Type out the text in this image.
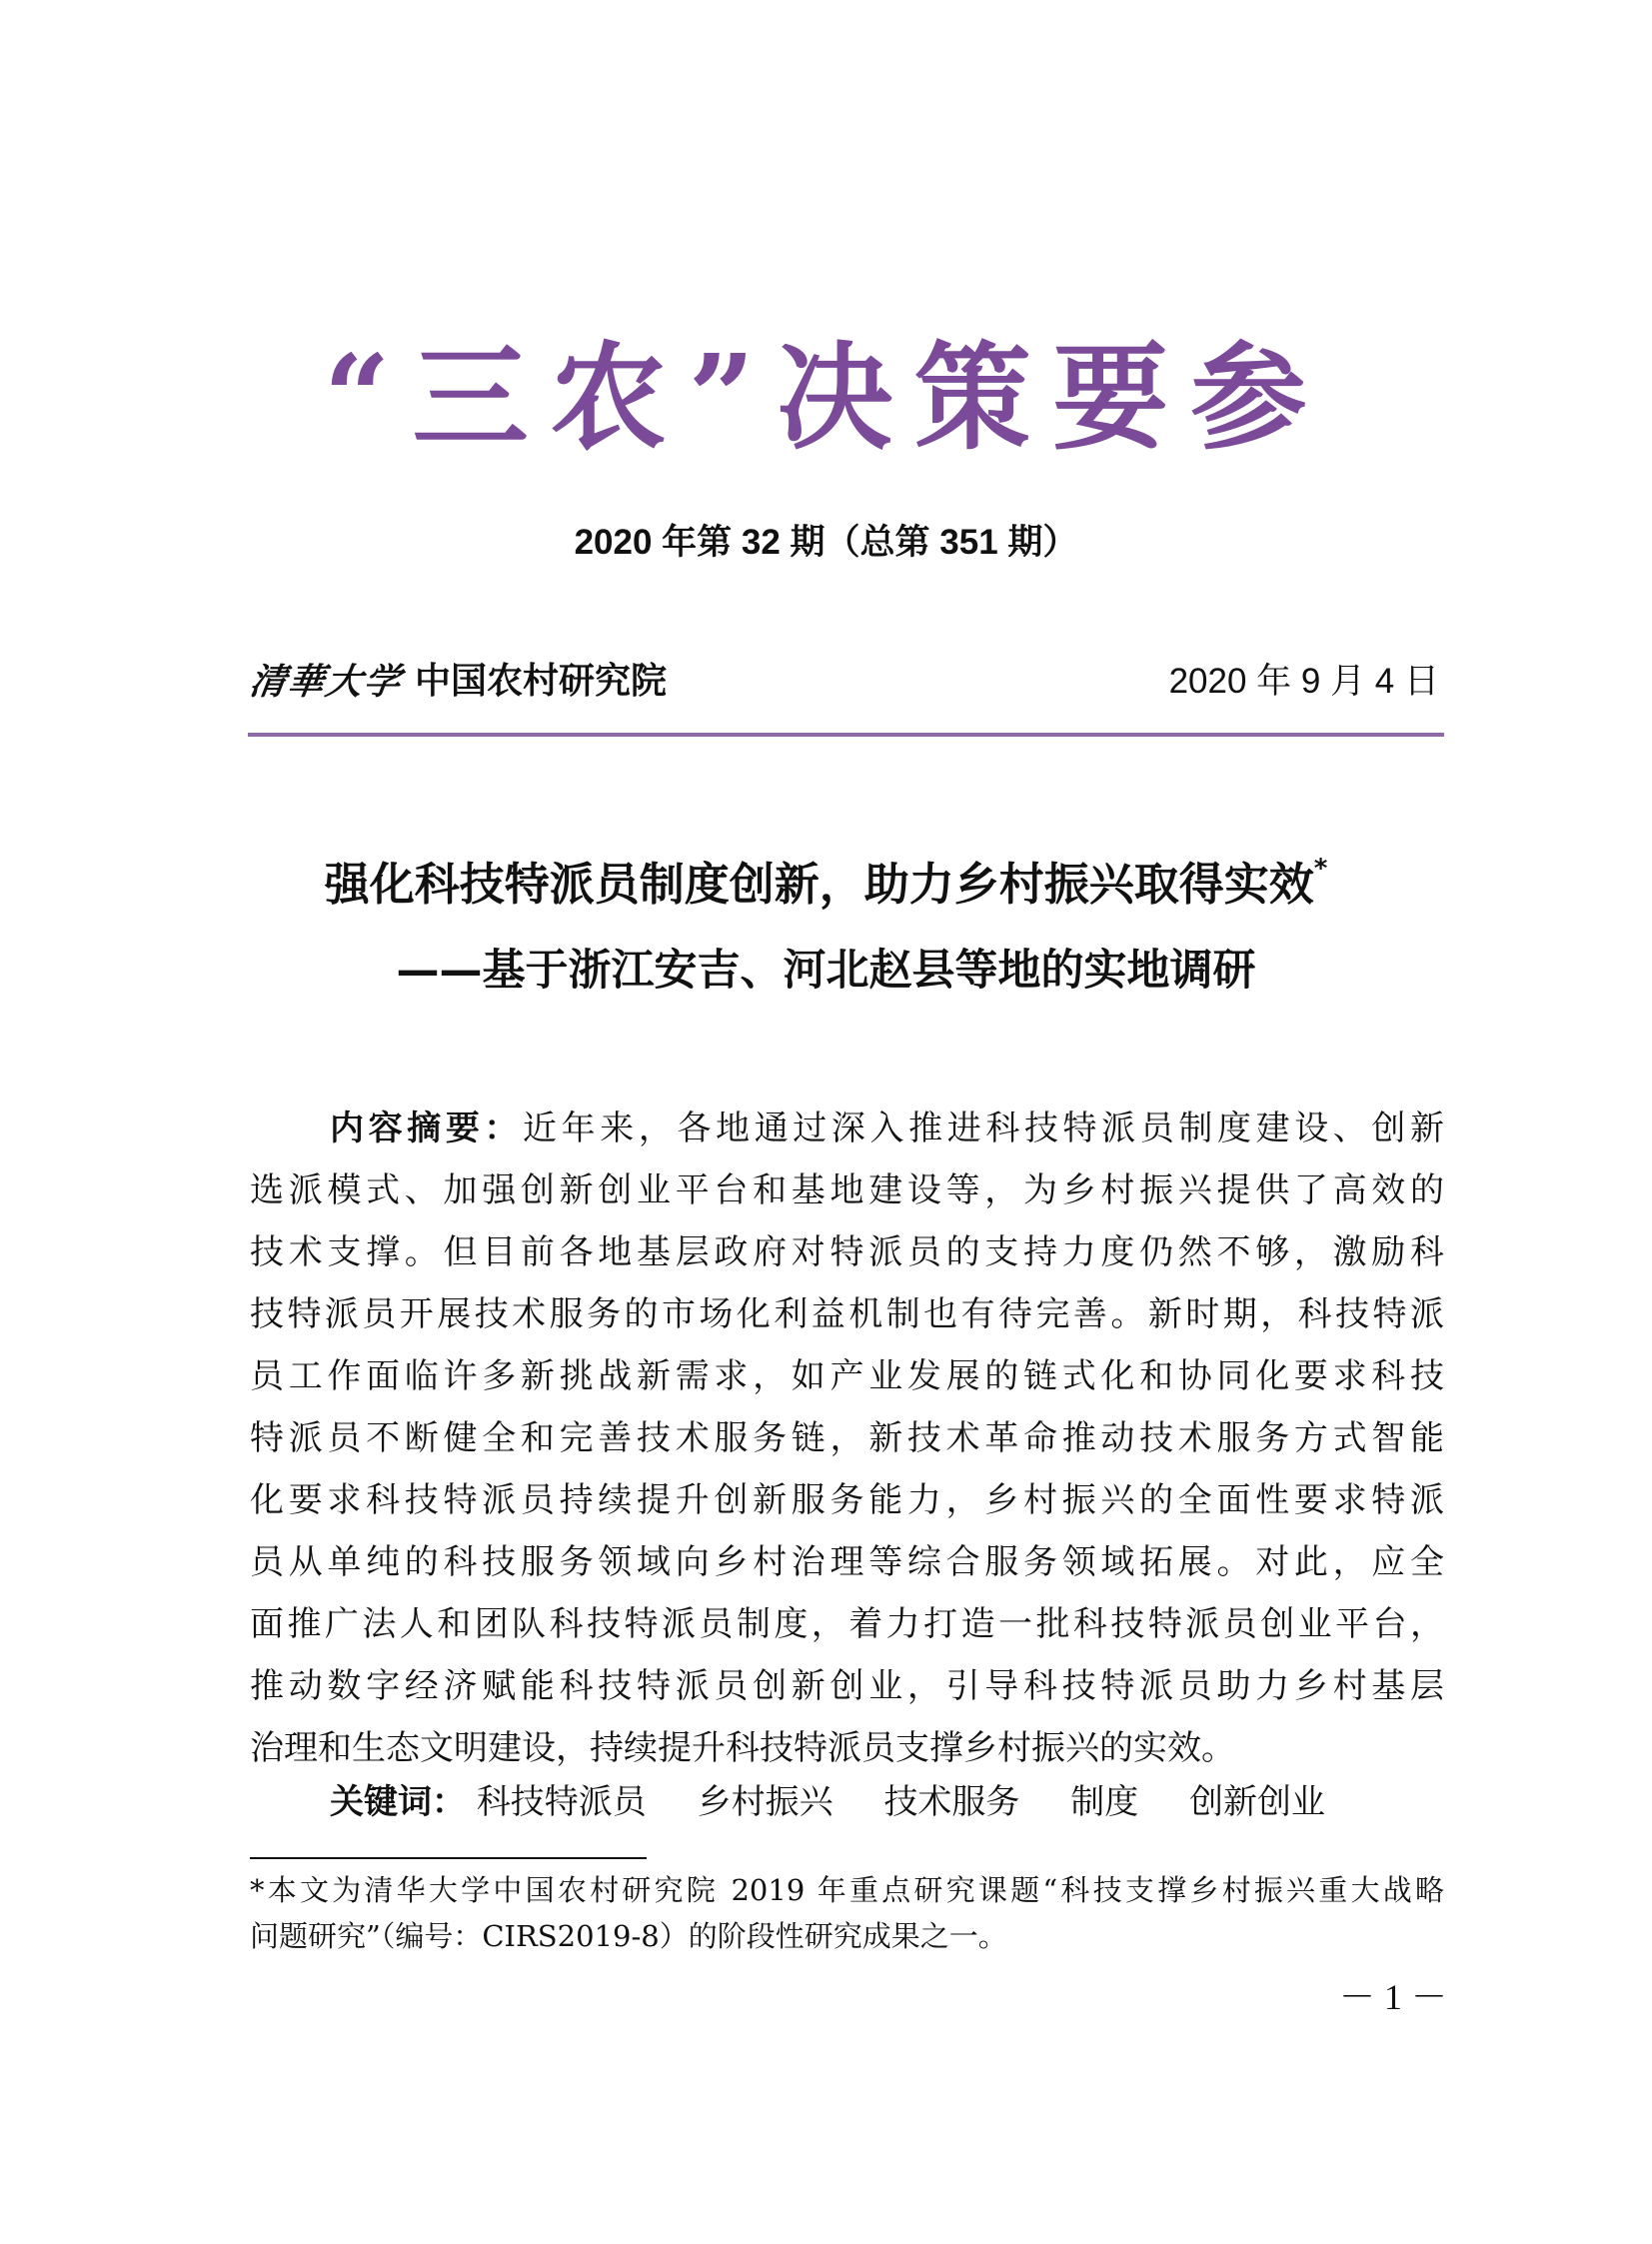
“三农”决策要参
2020 年第 32 期（总第 351 期）
清華大学 中国农村研究院	2020 年 9 月 4 日
强化科技特派员制度创新，助力乡村振兴取得实效*
——基于浙江安吉、河北赵县等地的实地调研
内容摘要：近年来，各地通过深入推进科技特派员制度建设、创新
选派模式、加强创新创业平台和基地建设等，为乡村振兴提供了高效的
技术支撑。但目前各地基层政府对特派员的支持力度仍然不够，激励科
技特派员开展技术服务的市场化利益机制也有待完善。新时期，科技特派
员工作面临许多新挑战新需求，如产业发展的链式化和协同化要求科技
特派员不断健全和完善技术服务链，新技术革命推动技术服务方式智能
化要求科技特派员持续提升创新服务能力，乡村振兴的全面性要求特派
员从单纯的科技服务领域向乡村治理等综合服务领域拓展。对此，应全
面推广法人和团队科技特派员制度，着力打造一批科技特派员创业平台，
推动数字经济赋能科技特派员创新创业，引导科技特派员助力乡村基层
治理和生态文明建设，持续提升科技特派员支撑乡村振兴的实效。
关键词： 科技特派员 乡村振兴 技术服务 制度 创新创业
*本文为清华大学中国农村研究院 2019 年重点研究课题“科技支撑乡村振兴重大战略
问题研究”（编号：CIRS2019-8）的阶段性研究成果之一。
－ 1 －
